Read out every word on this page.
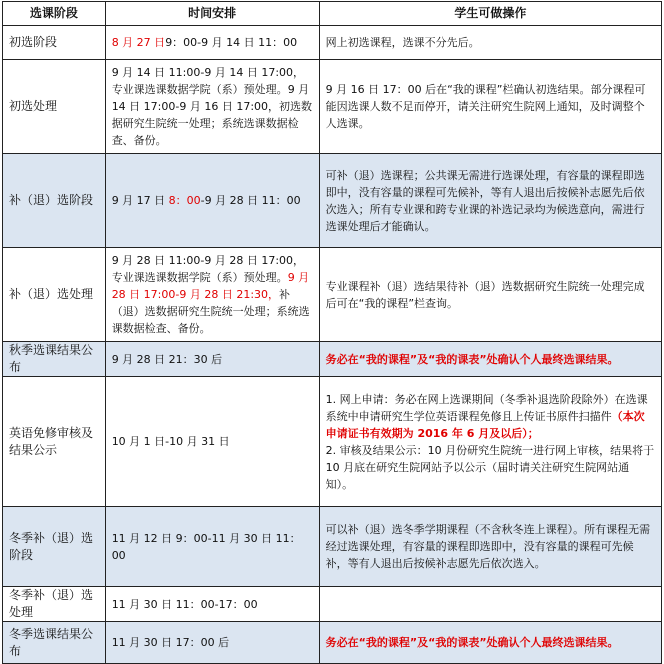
选课阶段	时间安排	学生可做操作
初选阶段	8 月 27 日9：00-9 月 14 日 11：00	网上初选课程，选课不分先后。
初选处理	9 月 14 日 11:00-9 月 14 日 17:00，专业课选课数据学院（系）预处理。9 月 14 日 17:00-9 月 16 日 17:00，初选数据研究生院统一处理；系统选课数据检查、备份。	9 月 16 日 17：00 后在“我的课程”栏确认初选结果。部分课程可能因选课人数不足而停开，请关注研究生院网上通知，及时调整个人选课。
补（退）选阶段	9 月 17 日 8：00-9 月 28 日 11：00	可补（退）选课程；公共课无需进行选课处理，有容量的课程即选即中，没有容量的课程可先候补，等有人退出后按候补志愿先后依次选入；所有专业课和跨专业课的补选记录均为候选意向，需进行选课处理后才能确认。
补（退）选处理	9 月 28 日 11:00-9 月 28 日 17:00，专业课选课数据学院（系）预处理。9 月 28 日 17:00-9 月 28 日 21:30，补（退）选数据研究生院统一处理；系统选课数据检查、备份。	专业课程补（退）选结果待补（退）选数据研究生院统一处理完成后可在“我的课程”栏查询。
秋季选课结果公布	9 月 28 日 21：30 后	务必在“我的课程”及“我的课表”处确认个人最终选课结果。
英语免修审核及结果公示	10 月 1 日-10 月 31 日	1. 网上申请：务必在网上选课期间（冬季补退选阶段除外）在选课系统中申请研究生学位英语课程免修且上传证书原件扫描件（本次申请证书有效期为 2016 年 6 月及以后）；
2. 审核及结果公示：10 月份研究生院统一进行网上审核，结果将于 10 月底在研究生院网站予以公示（届时请关注研究生院网站通知）。
冬季补（退）选阶段	11 月 12 日 9：00-11 月 30 日 11：00	可以补（退）选冬季学期课程（不含秋冬连上课程）。所有课程无需经过选课处理，有容量的课程即选即中，没有容量的课程可先候补，等有人退出后按候补志愿先后依次选入。
冬季补（退）选处理	11 月 30 日 11：00-17：00	
冬季选课结果公布	11 月 30 日 17：00 后	务必在“我的课程”及“我的课表”处确认个人最终选课结果。
